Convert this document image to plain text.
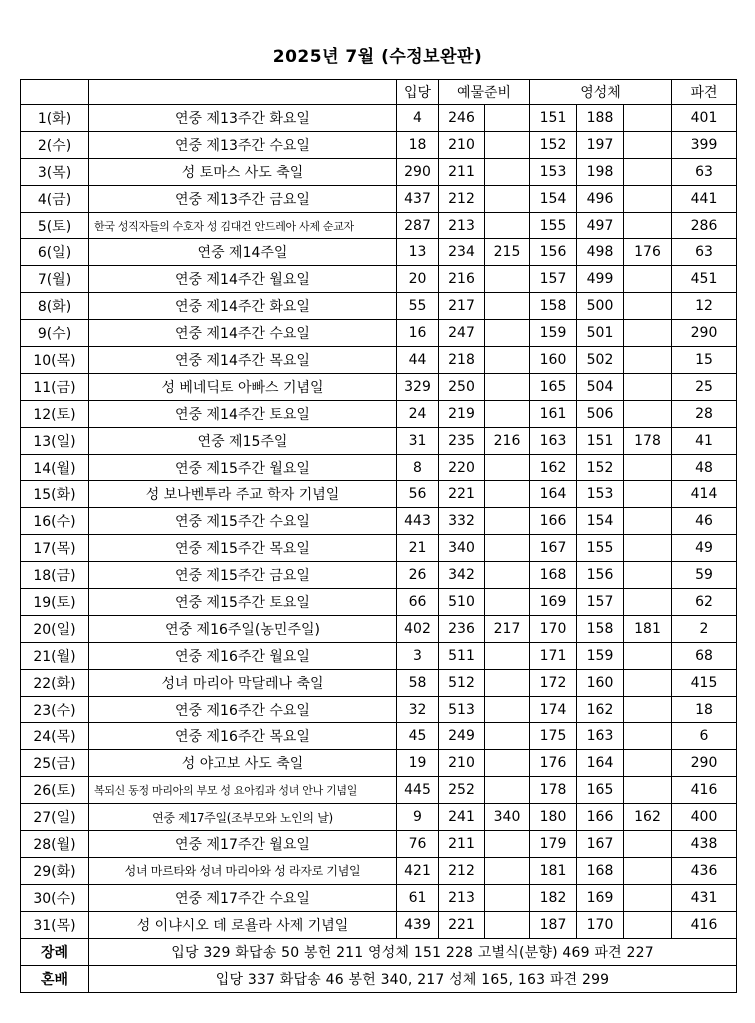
2025년 7월 (수정보완판)
		입당	예물준비		영성체			파견
1(화)	연중 제13주간 화요일	4	246		151	188		401
2(수)	연중 제13주간 수요일	18	210		152	197		399
3(목)	성 토마스 사도 축일	290	211		153	198		63
4(금)	연중 제13주간 금요일	437	212		154	496		441
5(토)	한국 성직자들의 수호자 성 김대건 안드레아 사제 순교자	287	213		155	497		286
6(일)	연중 제14주일	13	234	215	156	498	176	63
7(월)	연중 제14주간 월요일	20	216		157	499		451
8(화)	연중 제14주간 화요일	55	217		158	500		12
9(수)	연중 제14주간 수요일	16	247		159	501		290
10(목)	연중 제14주간 목요일	44	218		160	502		15
11(금)	성 베네딕토 아빠스 기념일	329	250		165	504		25
12(토)	연중 제14주간 토요일	24	219		161	506		28
13(일)	연중 제15주일	31	235	216	163	151	178	41
14(월)	연중 제15주간 월요일	8	220		162	152		48
15(화)	성 보나벤투라 주교 학자 기념일	56	221		164	153		414
16(수)	연중 제15주간 수요일	443	332		166	154		46
17(목)	연중 제15주간 목요일	21	340		167	155		49
18(금)	연중 제15주간 금요일	26	342		168	156		59
19(토)	연중 제15주간 토요일	66	510		169	157		62
20(일)	연중 제16주일(농민주일)	402	236	217	170	158	181	2
21(월)	연중 제16주간 월요일	3	511		171	159		68
22(화)	성녀 마리아 막달레나 축일	58	512		172	160		415
23(수)	연중 제16주간 수요일	32	513		174	162		18
24(목)	연중 제16주간 목요일	45	249		175	163		6
25(금)	성 야고보 사도 축일	19	210		176	164		290
26(토)	복되신 동정 마리아의 부모 성 요아킴과 성녀 안나 기념일	445	252		178	165		416
27(일)	연중 제17주일(조부모와 노인의 날)	9	241	340	180	166	162	400
28(월)	연중 제17주간 월요일	76	211		179	167		438
29(화)	성녀 마르타와 성녀 마리아와 성 라자로 기념일	421	212		181	168		436
30(수)	연중 제17주간 수요일	61	213		182	169		431
31(목)	성 이냐시오 데 로욜라 사제 기념일	439	221		187	170		416
장례	입당 329 화답송 50 봉헌 211 영성체 151 228 고별식(분향) 469 파견 227							
혼배	입당 337 화답송 46 봉헌 340, 217 성체 165, 163 파견 299							
